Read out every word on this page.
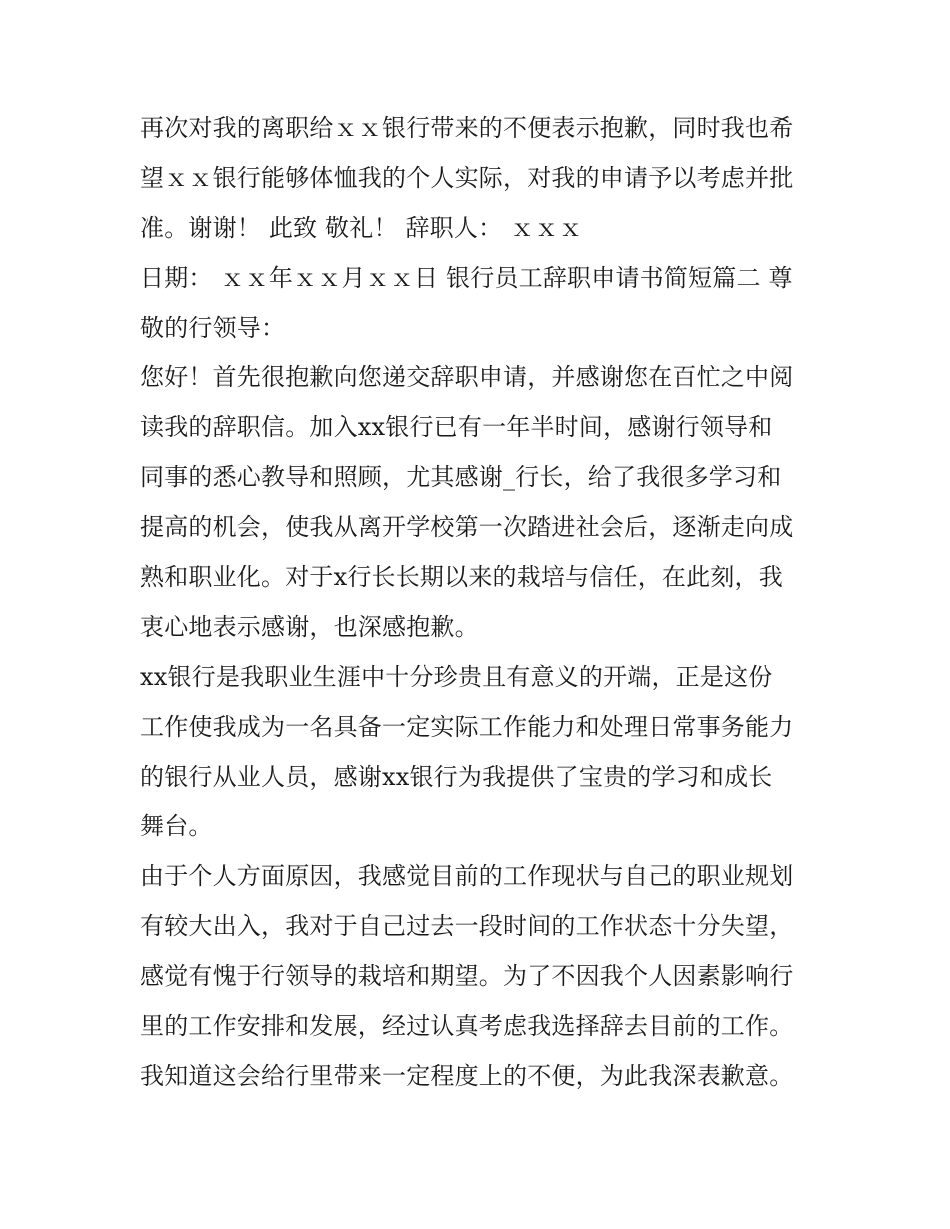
再次对我的离职给ｘｘ银行带来的不便表示抱歉，同时我也希
望ｘｘ银行能够体恤我的个人实际，对我的申请予以考虑并批
准。谢谢！ 此致 敬礼！ 辞职人： ｘｘｘ
日期： ｘｘ年ｘｘ月ｘｘ日 银行员工辞职申请书简短篇二 尊
敬的行领导：
您好！首先很抱歉向您递交辞职申请，并感谢您在百忙之中阅
读我的辞职信。加入xx银行已有一年半时间，感谢行领导和
同事的悉心教导和照顾，尤其感谢_行长，给了我很多学习和
提高的机会，使我从离开学校第一次踏进社会后，逐渐走向成
熟和职业化。对于x行长长期以来的栽培与信任，在此刻，我
衷心地表示感谢，也深感抱歉。
xx银行是我职业生涯中十分珍贵且有意义的开端，正是这份
工作使我成为一名具备一定实际工作能力和处理日常事务能力
的银行从业人员，感谢xx银行为我提供了宝贵的学习和成长
舞台。
由于个人方面原因，我感觉目前的工作现状与自己的职业规划
有较大出入，我对于自己过去一段时间的工作状态十分失望，
感觉有愧于行领导的栽培和期望。为了不因我个人因素影响行
里的工作安排和发展，经过认真考虑我选择辞去目前的工作。
我知道这会给行里带来一定程度上的不便，为此我深表歉意。
